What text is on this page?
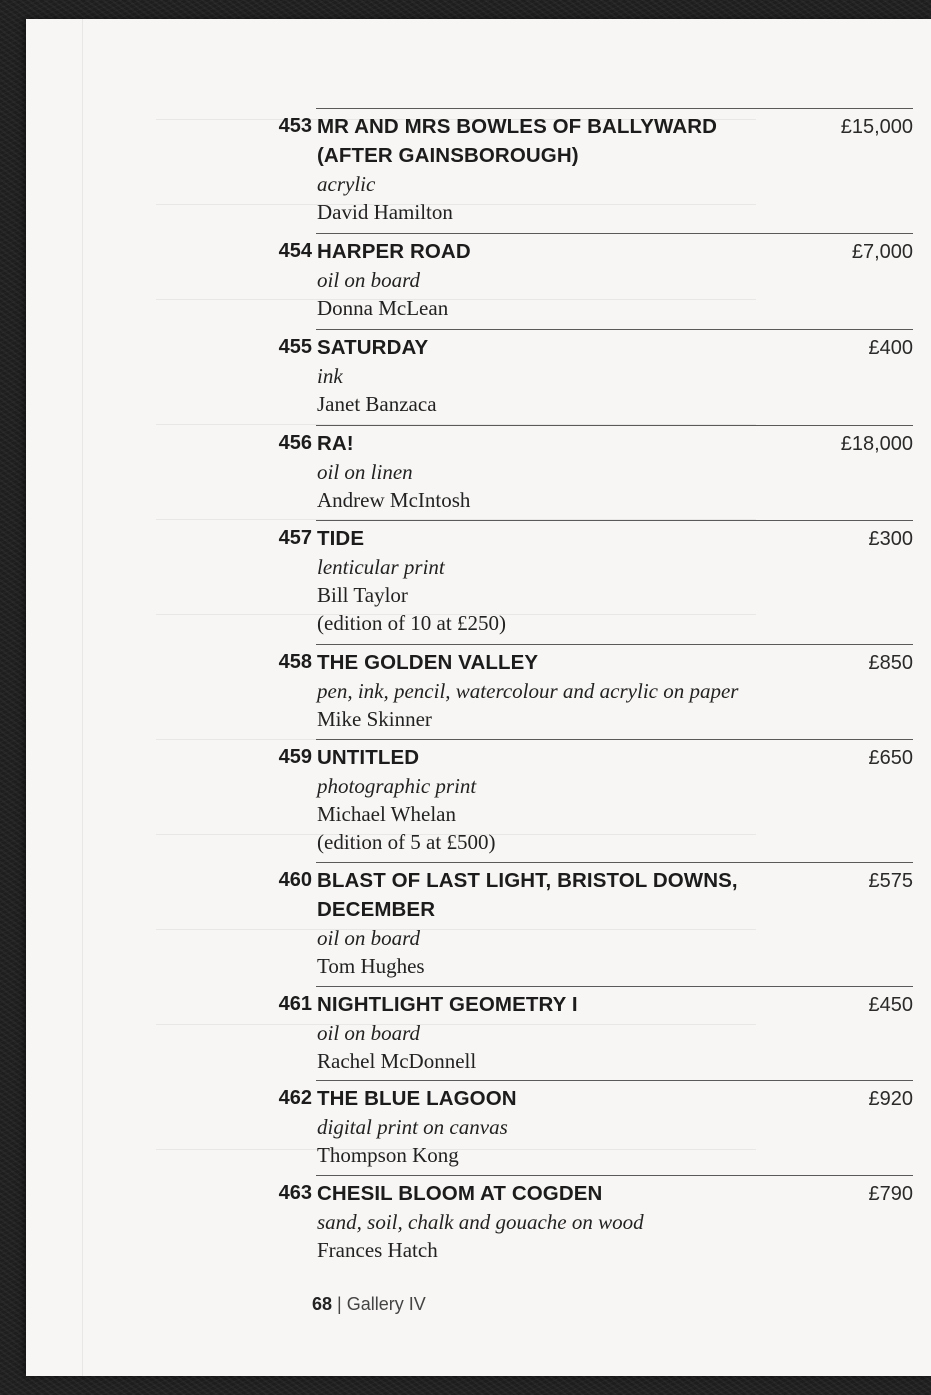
453 MR AND MRS BOWLES OF BALLYWARD
(AFTER GAINSBOROUGH)
acrylic
David Hamilton
£15,000
454 HARPER ROAD
oil on board
Donna McLean
£7,000
455 SATURDAY
ink
Janet Banzaca
£400
456 RA!
oil on linen
Andrew McIntosh
£18,000
457 TIDE
lenticular print
Bill Taylor
(edition of 10 at £250)
£300
458 THE GOLDEN VALLEY
pen, ink, pencil, watercolour and acrylic on paper
Mike Skinner
£850
459 UNTITLED
photographic print
Michael Whelan
(edition of 5 at £500)
£650
460 BLAST OF LAST LIGHT, BRISTOL DOWNS,
DECEMBER
oil on board
Tom Hughes
£575
461 NIGHTLIGHT GEOMETRY I
oil on board
Rachel McDonnell
£450
462 THE BLUE LAGOON
digital print on canvas
Thompson Kong
£920
463 CHESIL BLOOM AT COGDEN
sand, soil, chalk and gouache on wood
Frances Hatch
£790
68 | Gallery IV
